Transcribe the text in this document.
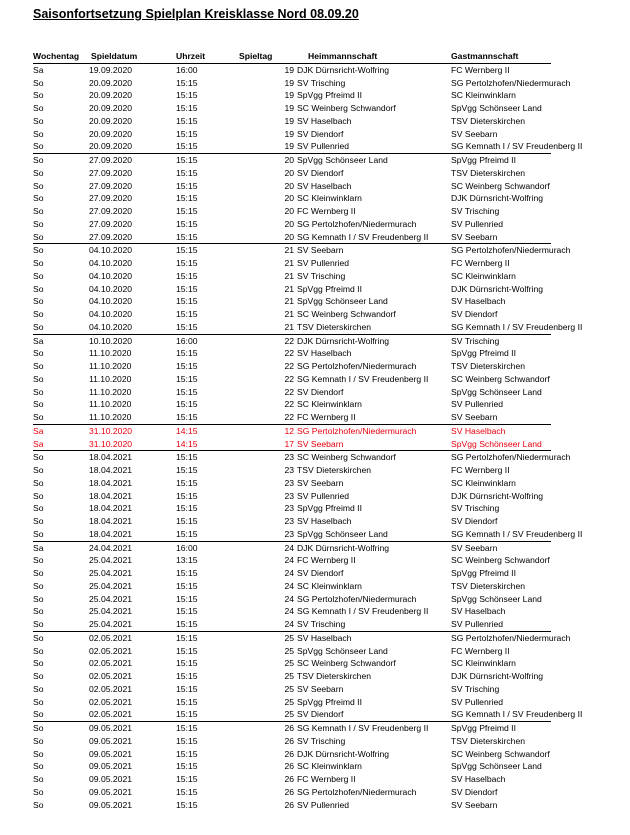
Saisonfortsetzung Spielplan Kreisklasse Nord 08.09.20
Wochentag	Spieldatum	Uhrzeit	Spieltag	Heimmannschaft	Gastmannschaft
Sa	19.09.2020	16:00	19	DJK Dürnsricht-Wolfring	FC Wernberg II
So	20.09.2020	15:15	19	SV Trisching	SG Pertolzhofen/Niedermurach
So	20.09.2020	15:15	19	SpVgg Pfreimd II	SC Kleinwinklarn
So	20.09.2020	15:15	19	SC Weinberg Schwandorf	SpVgg Schönseer Land
So	20.09.2020	15:15	19	SV Haselbach	TSV Dieterskirchen
So	20.09.2020	15:15	19	SV Diendorf	SV Seebarn
So	20.09.2020	15:15	19	SV Pullenried	SG Kemnath I / SV Freudenberg II
So	27.09.2020	15:15	20	SpVgg Schönseer Land	SpVgg Pfreimd II
So	27.09.2020	15:15	20	SV Diendorf	TSV Dieterskirchen
So	27.09.2020	15:15	20	SV Haselbach	SC Weinberg Schwandorf
So	27.09.2020	15:15	20	SC Kleinwinklarn	DJK Dürnsricht-Wolfring
So	27.09.2020	15:15	20	FC Wernberg II	SV Trisching
So	27.09.2020	15:15	20	SG Pertolzhofen/Niedermurach	SV Pullenried
So	27.09.2020	15:15	20	SG Kemnath I / SV Freudenberg II	SV Seebarn
So	04.10.2020	15:15	21	SV Seebarn	SG Pertolzhofen/Niedermurach
So	04.10.2020	15:15	21	SV Pullenried	FC Wernberg II
So	04.10.2020	15:15	21	SV Trisching	SC Kleinwinklarn
So	04.10.2020	15:15	21	SpVgg Pfreimd II	DJK Dürnsricht-Wolfring
So	04.10.2020	15:15	21	SpVgg Schönseer Land	SV Haselbach
So	04.10.2020	15:15	21	SC Weinberg Schwandorf	SV Diendorf
So	04.10.2020	15:15	21	TSV Dieterskirchen	SG Kemnath I / SV Freudenberg II
Sa	10.10.2020	16:00	22	DJK Dürnsricht-Wolfring	SV Trisching
So	11.10.2020	15:15	22	SV Haselbach	SpVgg Pfreimd II
So	11.10.2020	15:15	22	SG Pertolzhofen/Niedermurach	TSV Dieterskirchen
So	11.10.2020	15:15	22	SG Kemnath I / SV Freudenberg II	SC Weinberg Schwandorf
So	11.10.2020	15:15	22	SV Diendorf	SpVgg Schönseer Land
So	11.10.2020	15:15	22	SC Kleinwinklarn	SV Pullenried
So	11.10.2020	15:15	22	FC Wernberg II	SV Seebarn
Sa	31.10.2020	14:15	12	SG Pertolzhofen/Niedermurach	SV Haselbach
Sa	31.10.2020	14:15	17	SV Seebarn	SpVgg Schönseer Land
So	18.04.2021	15:15	23	SC Weinberg Schwandorf	SG Pertolzhofen/Niedermurach
So	18.04.2021	15:15	23	TSV Dieterskirchen	FC Wernberg II
So	18.04.2021	15:15	23	SV Seebarn	SC Kleinwinklarn
So	18.04.2021	15:15	23	SV Pullenried	DJK Dürnsricht-Wolfring
So	18.04.2021	15:15	23	SpVgg Pfreimd II	SV Trisching
So	18.04.2021	15:15	23	SV Haselbach	SV Diendorf
So	18.04.2021	15:15	23	SpVgg Schönseer Land	SG Kemnath I / SV Freudenberg II
Sa	24.04.2021	16:00	24	DJK Dürnsricht-Wolfring	SV Seebarn
So	25.04.2021	13:15	24	FC Wernberg II	SC Weinberg Schwandorf
So	25.04.2021	15:15	24	SV Diendorf	SpVgg Pfreimd II
So	25.04.2021	15:15	24	SC Kleinwinklarn	TSV Dieterskirchen
So	25.04.2021	15:15	24	SG Pertolzhofen/Niedermurach	SpVgg Schönseer Land
So	25.04.2021	15:15	24	SG Kemnath I / SV Freudenberg II	SV Haselbach
So	25.04.2021	15:15	24	SV Trisching	SV Pullenried
So	02.05.2021	15:15	25	SV Haselbach	SG Pertolzhofen/Niedermurach
So	02.05.2021	15:15	25	SpVgg Schönseer Land	FC Wernberg II
So	02.05.2021	15:15	25	SC Weinberg Schwandorf	SC Kleinwinklarn
So	02.05.2021	15:15	25	TSV Dieterskirchen	DJK Dürnsricht-Wolfring
So	02.05.2021	15:15	25	SV Seebarn	SV Trisching
So	02.05.2021	15:15	25	SpVgg Pfreimd II	SV Pullenried
So	02.05.2021	15:15	25	SV Diendorf	SG Kemnath I / SV Freudenberg II
So	09.05.2021	15:15	26	SG Kemnath I / SV Freudenberg II	SpVgg Pfreimd II
So	09.05.2021	15:15	26	SV Trisching	TSV Dieterskirchen
So	09.05.2021	15:15	26	DJK Dürnsricht-Wolfring	SC Weinberg Schwandorf
So	09.05.2021	15:15	26	SC Kleinwinklarn	SpVgg Schönseer Land
So	09.05.2021	15:15	26	FC Wernberg II	SV Haselbach
So	09.05.2021	15:15	26	SG Pertolzhofen/Niedermurach	SV Diendorf
So	09.05.2021	15:15	26	SV Pullenried	SV Seebarn
